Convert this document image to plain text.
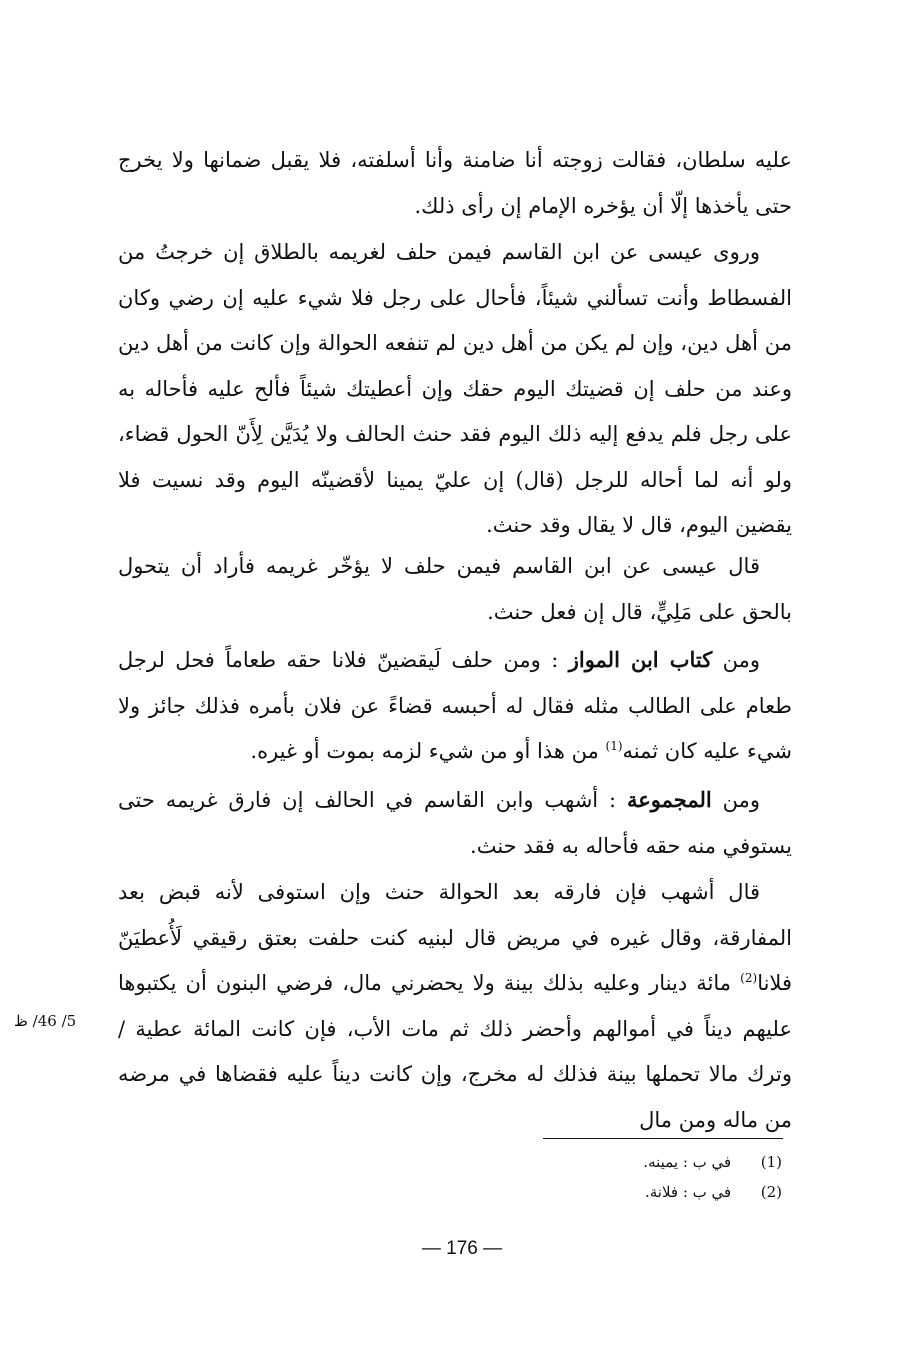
عليه سلطان، فقالت زوجته أنا ضامنة وأنا أسلفته، فلا يقبل ضمانها ولا يخرج حتى يأخذها إلّا أن يؤخره الإمام إن رأى ذلك.

وروى عيسى عن ابن القاسم فيمن حلف لغريمه بالطلاق إن خرجتُ من الفسطاط وأنت تسألني شيئاً، فأحال على رجل فلا شيء عليه إن رضي وكان من أهل دين، وإن لم يكن من أهل دين لم تنفعه الحوالة وإن كانت من أهل دين وعند من حلف إن قضيتك اليوم حقك وإن أعطيتك شيئاً فألح عليه فأحاله به على رجل فلم يدفع إليه ذلك اليوم فقد حنث الحالف ولا يُدَيَّن لِأَنّ الحول قضاء، ولو أنه لما أحاله للرجل (قال) إن عليّ يمينا لأقضينّه اليوم وقد نسيت فلا يقضين اليوم، قال لا يقال وقد حنث.

قال عيسى عن ابن القاسم فيمن حلف لا يؤخّر غريمه فأراد أن يتحول بالحق على مَلِيٍّ، قال إن فعل حنث.

ومن كتاب ابن المواز : ومن حلف لَيقضينّ فلانا حقه طعاماً فحل لرجل طعام على الطالب مثله فقال له أحبسه قضاءً عن فلان بأمره فذلك جائز ولا شيء عليه كان ثمنه$^{(1)}$ من هذا أو من شيء لزمه بموت أو غيره.

ومن المجموعة : أشهب وابن القاسم في الحالف إن فارق غريمه حتى يستوفي منه حقه فأحاله به فقد حنث.

قال أشهب فإن فارقه بعد الحوالة حنث وإن استوفى لأنه قبض بعد المفارقة، وقال غيره في مريض قال لبنيه كنت حلفت بعتق رقيقي لَأُعطيَنّ فلانا$^{(2)}$ مائة دينار وعليه بذلك بينة ولا يحضرني مال، فرضي البنون أن يكتبوها عليهم ديناً في أموالهم وأحضر ذلك ثم مات الأب، فإن كانت المائة عطية / وترك مالا تحملها بينة فذلك له مخرج، وإن كانت ديناً عليه فقضاها في مرضه من ماله ومن مال

5/ 46/ ظ
(1) في ب : يمينه.
(2) في ب : فلانة.
— 176 —
